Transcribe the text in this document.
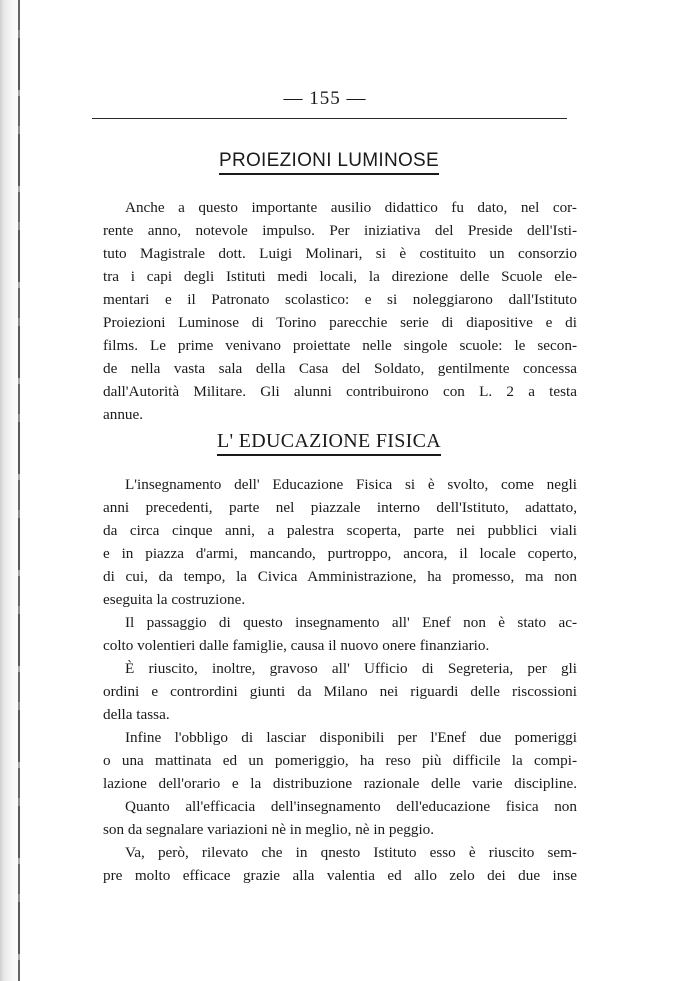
— 155 —
PROIEZIONI LUMINOSE
Anche a questo importante ausilio didattico fu dato, nel cor-
rente anno, notevole impulso. Per iniziativa del Preside dell'Isti-
tuto Magistrale dott. Luigi Molinari, si è costituito un consorzio
tra i capi degli Istituti medi locali, la direzione delle Scuole ele-
mentari e il Patronato scolastico: e si noleggiarono dall'Istituto
Proiezioni Luminose di Torino parecchie serie di diapositive e di
films. Le prime venivano proiettate nelle singole scuole: le secon-
de nella vasta sala della Casa del Soldato, gentilmente concessa
dall'Autorità Militare. Gli alunni contribuirono con L. 2 a testa
annue.
L' EDUCAZIONE FISICA
L'insegnamento dell' Educazione Fisica si è svolto, come negli
anni precedenti, parte nel piazzale interno dell'Istituto, adattato,
da circa cinque anni, a palestra scoperta, parte nei pubblici viali
e in piazza d'armi, mancando, purtroppo, ancora, il locale coperto,
di cui, da tempo, la Civica Amministrazione, ha promesso, ma non
eseguita la costruzione.
Il passaggio di questo insegnamento all' Enef non è stato ac-
colto volentieri dalle famiglie, causa il nuovo onere finanziario.
È riuscito, inoltre, gravoso all' Ufficio di Segreteria, per gli
ordini e contrordini giunti da Milano nei riguardi delle riscossioni
della tassa.
Infine l'obbligo di lasciar disponibili per l'Enef due pomeriggi
o una mattinata ed un pomeriggio, ha reso più difficile la compi-
lazione dell'orario e la distribuzione razionale delle varie discipline.
Quanto all'efficacia dell'insegnamento dell'educazione fisica non
son da segnalare variazioni nè in meglio, nè in peggio.
Va, però, rilevato che in qnesto Istituto esso è riuscito sem-
pre molto efficace grazie alla valentia ed allo zelo dei due inse
